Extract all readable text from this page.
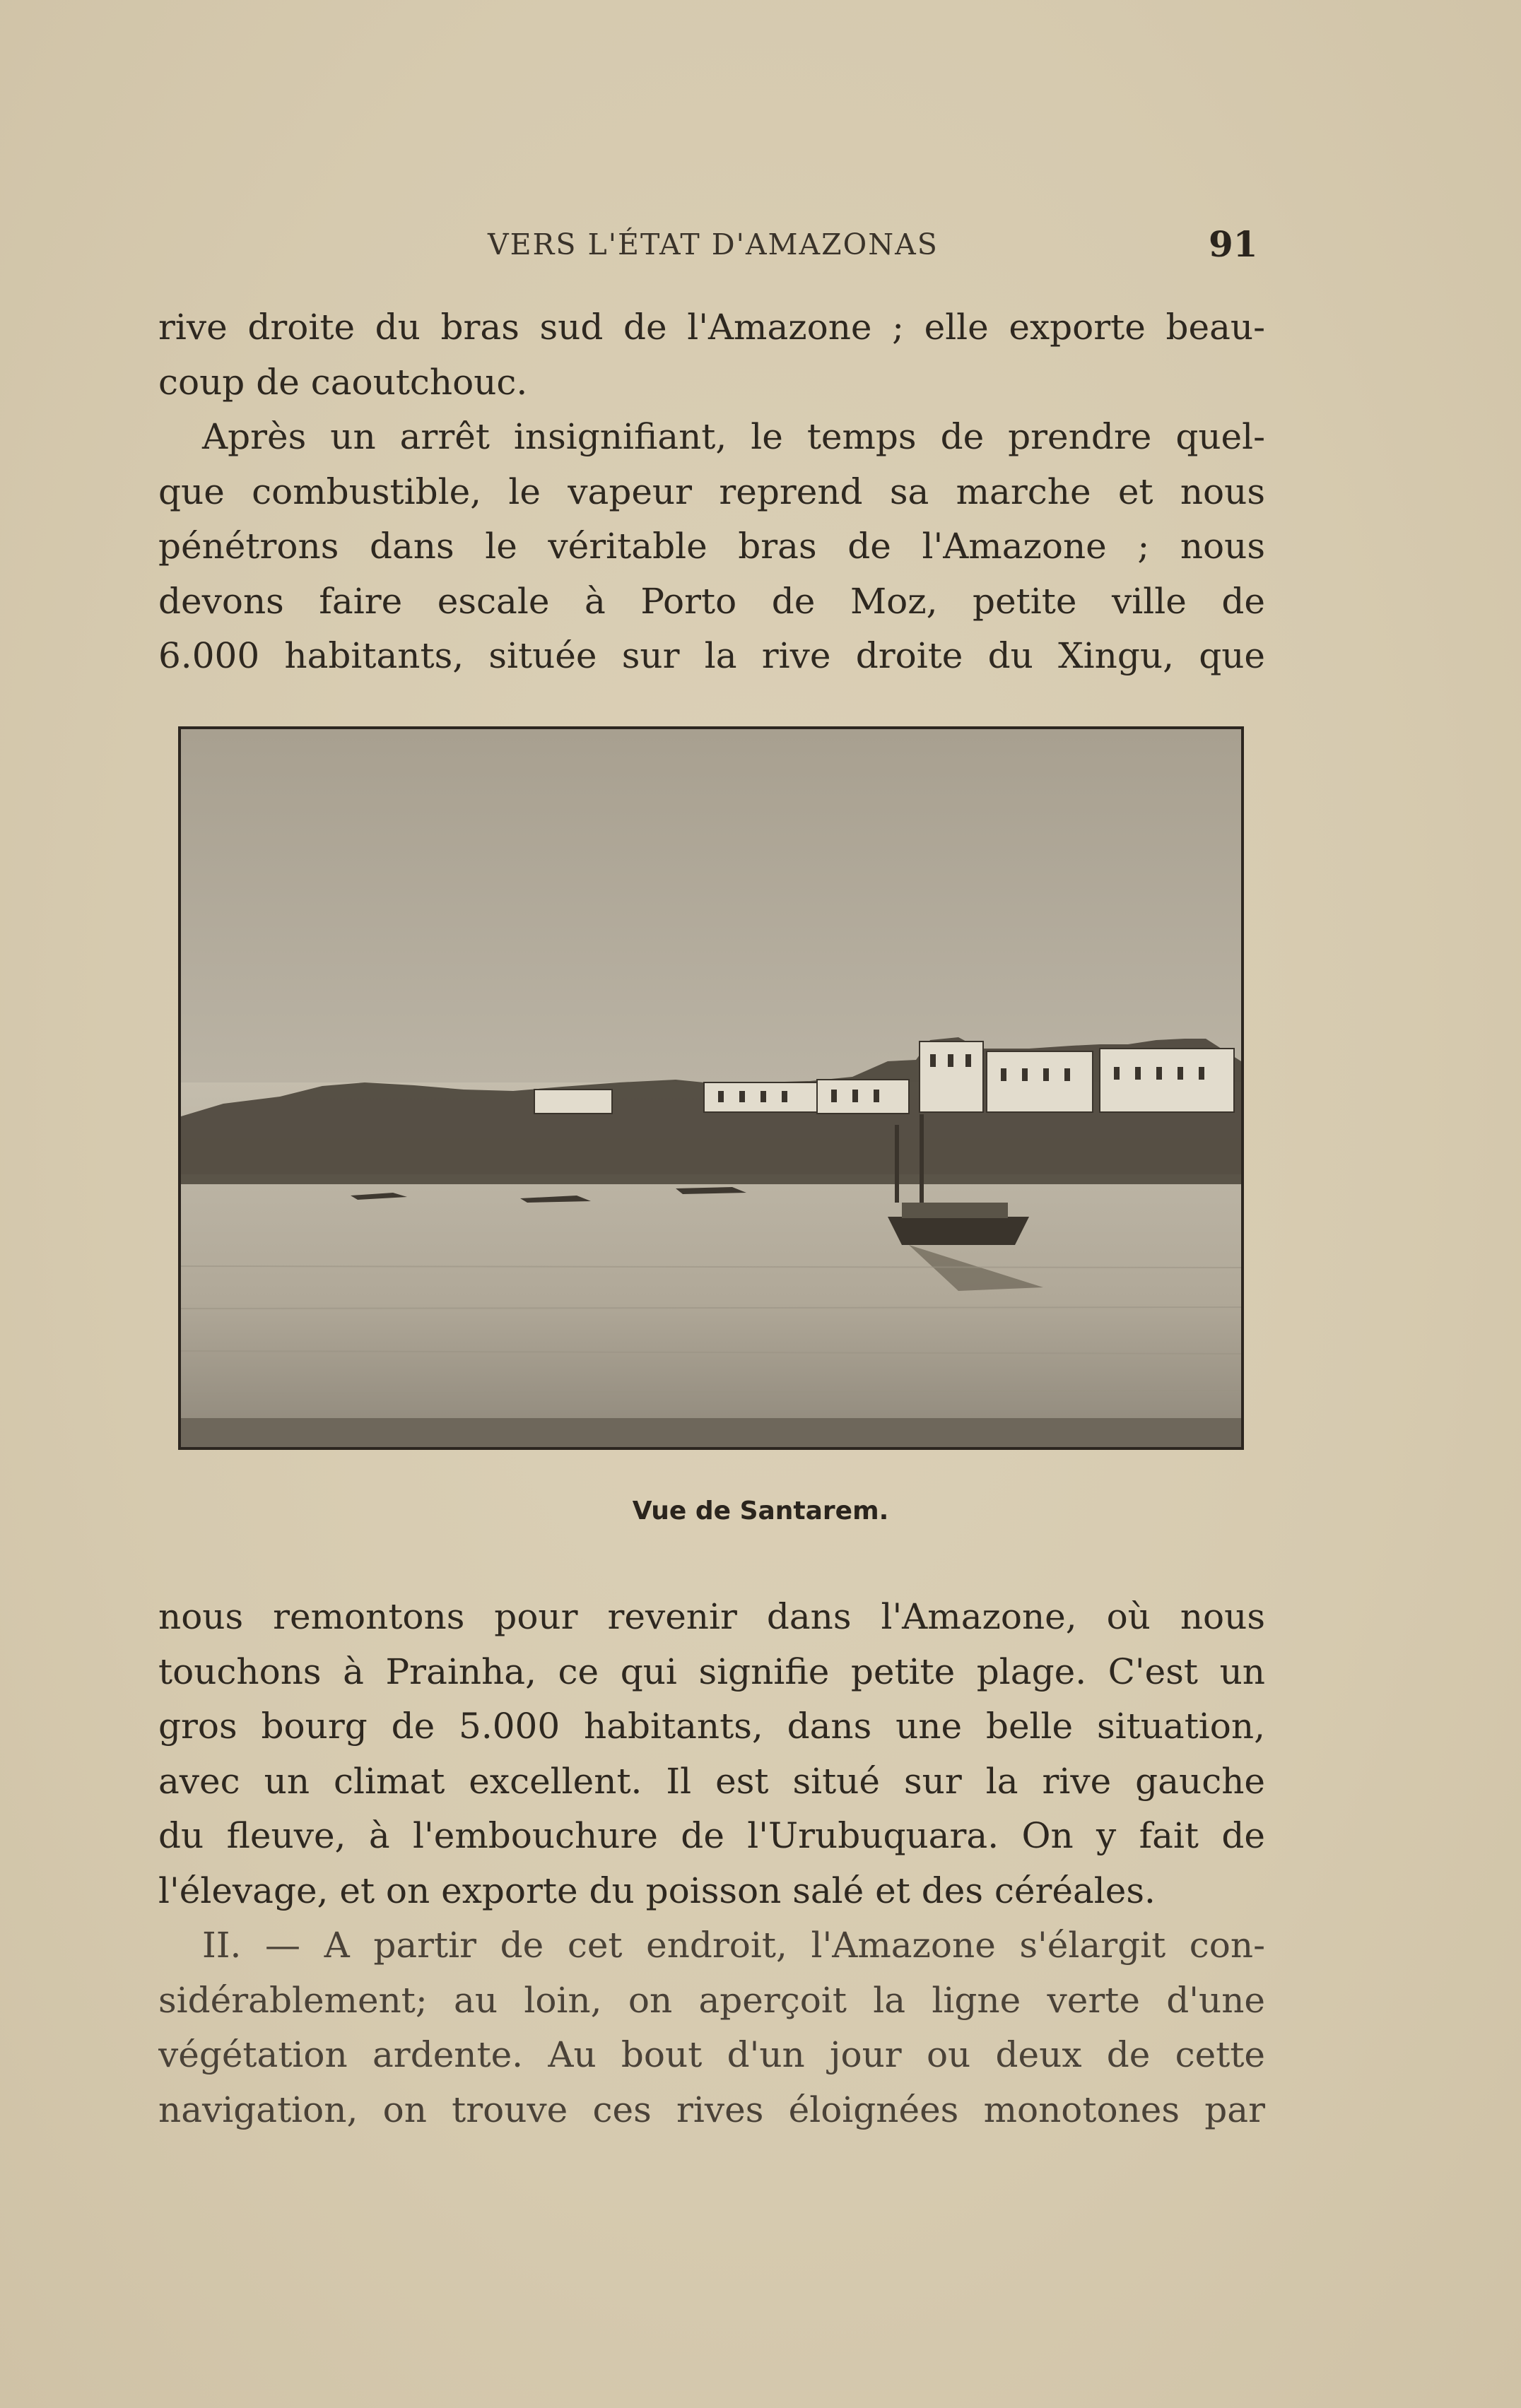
VERS L'ÉTAT D'AMAZONAS	91
rive droite du bras sud de l'Amazone ; elle exporte beau-
coup de caoutchouc.
Après un arrêt insignifiant, le temps de prendre quel-
que combustible, le vapeur reprend sa marche et nous
pénétrons dans le véritable bras de l'Amazone ; nous
devons faire escale à Porto de Moz, petite ville de
6.000 habitants, située sur la rive droite du Xingu, que
Vue de Santarem.
nous remontons pour revenir dans l'Amazone, où nous
touchons à Prainha, ce qui signifie petite plage. C'est un
gros bourg de 5.000 habitants, dans une belle situation,
avec un climat excellent. Il est situé sur la rive gauche
du fleuve, à l'embouchure de l'Urubuquara. On y fait de
l'élevage, et on exporte du poisson salé et des céréales.
II. — A partir de cet endroit, l'Amazone s'élargit con-
sidérablement; au loin, on aperçoit la ligne verte d'une
végétation ardente. Au bout d'un jour ou deux de cette
navigation, on trouve ces rives éloignées monotones par
